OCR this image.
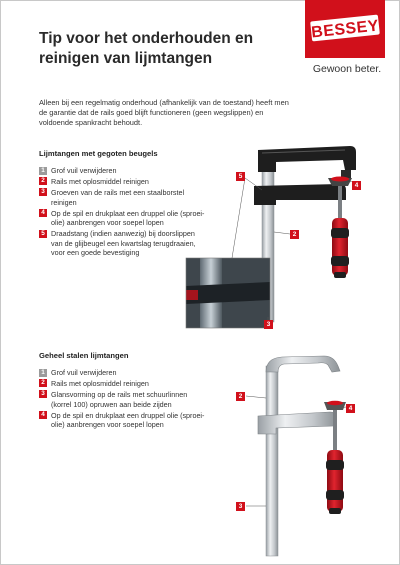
Tip voor het onderhouden en
reinigen van lijmtangen
BESSEY
Gewoon beter.

Alleen bij een regelmatig onderhoud (afhankelijk van de toestand) heeft men de garantie dat de rails goed blijft functioneren (geen wegslippen) en voldoende spankracht behoudt.

Lijmtangen met gegoten beugels
1 Grof vuil verwijderen
2 Rails met oplosmiddel reinigen
3 Groeven van de rails met een staalborstel reinigen
4 Op de spil en drukplaat een druppel olie (sproei-olie) aanbrengen voor soepel lopen
5 Draadstang (indien aanwezig) bij doorslippen van de glijbeugel een kwartslag terugdraaien, voor een goede bevestiging
Geheel stalen lijmtangen
1 Grof vuil verwijderen
2 Rails met oplosmiddel reinigen
3 Glansvorming op de rails met schuurlinnen (korrel 100) opruwen aan beide zijden
4 Op de spil en drukplaat een druppel olie (sproei-olie) aanbrengen voor soepel lopen
5
4
2
3
2
4
3
